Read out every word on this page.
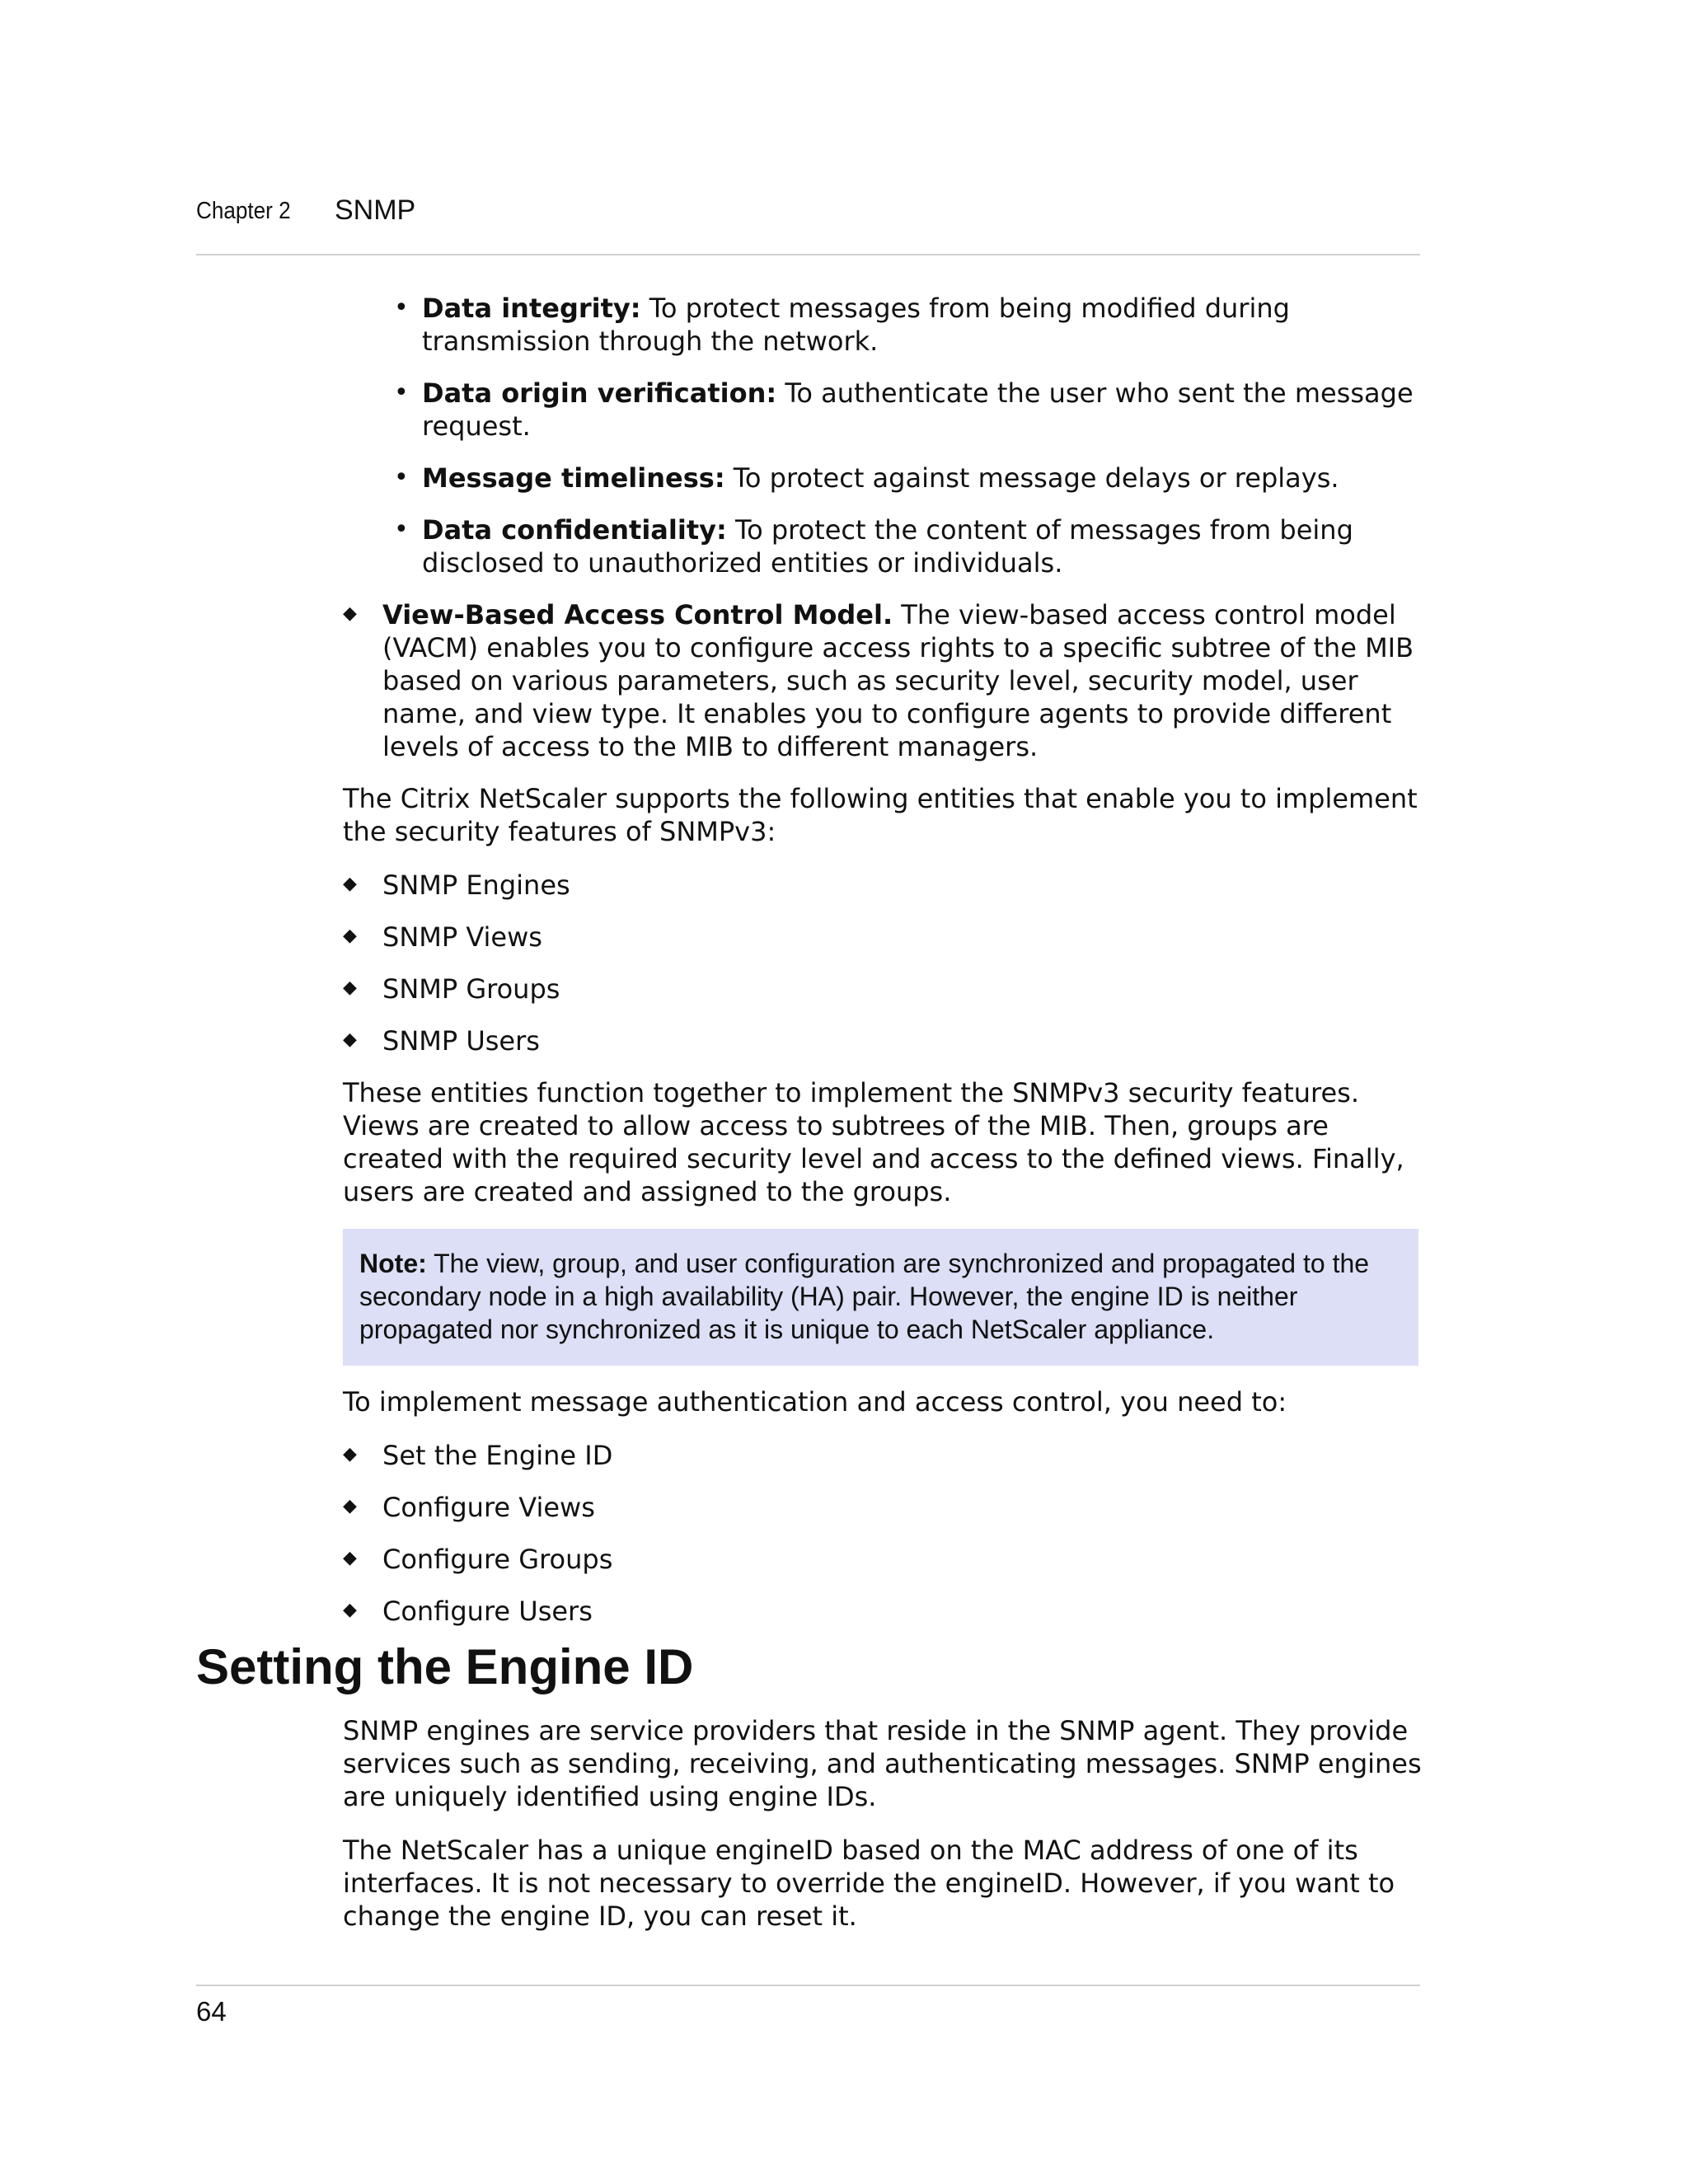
Chapter 2 SNMP
• Data integrity: To protect messages from being modified during transmission through the network.
• Data origin verification: To authenticate the user who sent the message request.
• Message timeliness: To protect against message delays or replays.
• Data confidentiality: To protect the content of messages from being disclosed to unauthorized entities or individuals.
◆ View-Based Access Control Model. The view-based access control model (VACM) enables you to configure access rights to a specific subtree of the MIB based on various parameters, such as security level, security model, user name, and view type. It enables you to configure agents to provide different levels of access to the MIB to different managers.

The Citrix NetScaler supports the following entities that enable you to implement the security features of SNMPv3:

◆ SNMP Engines
◆ SNMP Views
◆ SNMP Groups
◆ SNMP Users

These entities function together to implement the SNMPv3 security features. Views are created to allow access to subtrees of the MIB. Then, groups are created with the required security level and access to the defined views. Finally, users are created and assigned to the groups.

Note: The view, group, and user configuration are synchronized and propagated to the secondary node in a high availability (HA) pair. However, the engine ID is neither propagated nor synchronized as it is unique to each NetScaler appliance.

To implement message authentication and access control, you need to:

◆ Set the Engine ID
◆ Configure Views
◆ Configure Groups
◆ Configure Users
Setting the Engine ID

SNMP engines are service providers that reside in the SNMP agent. They provide services such as sending, receiving, and authenticating messages. SNMP engines are uniquely identified using engine IDs.

The NetScaler has a unique engineID based on the MAC address of one of its interfaces. It is not necessary to override the engineID. However, if you want to change the engine ID, you can reset it.

64
